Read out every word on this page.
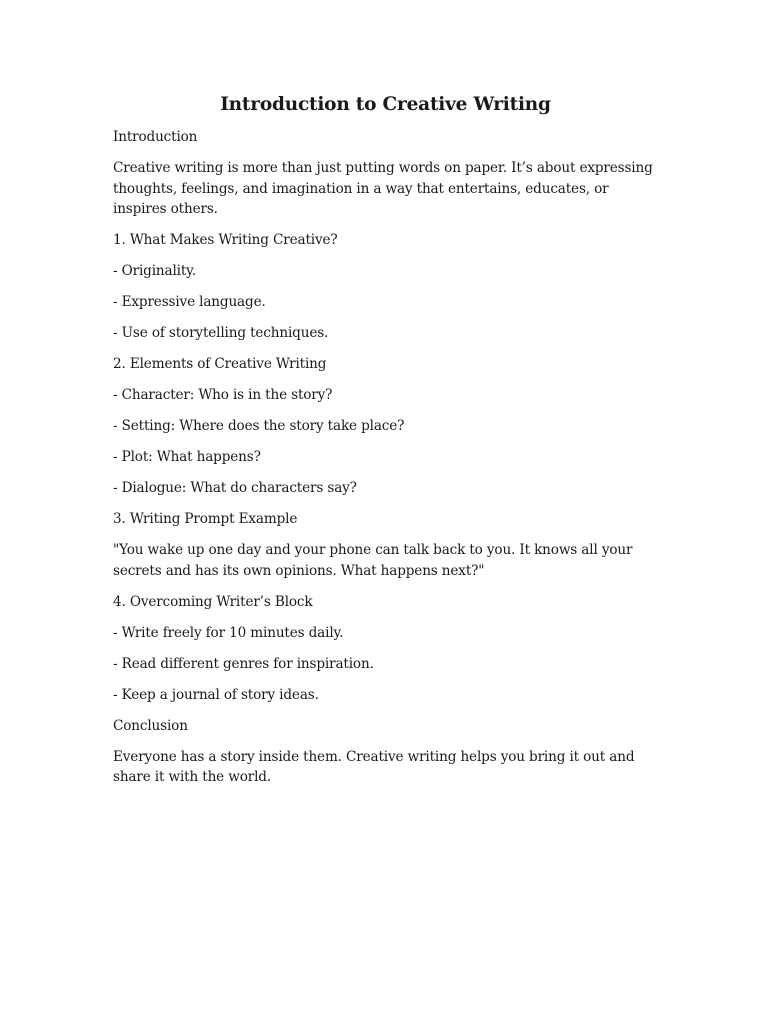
Introduction to Creative Writing

Introduction

Creative writing is more than just putting words on paper. It’s about expressing thoughts, feelings, and imagination in a way that entertains, educates, or inspires others.

1. What Makes Writing Creative?

- Originality.

- Expressive language.

- Use of storytelling techniques.

2. Elements of Creative Writing

- Character: Who is in the story?

- Setting: Where does the story take place?

- Plot: What happens?

- Dialogue: What do characters say?

3. Writing Prompt Example

"You wake up one day and your phone can talk back to you. It knows all your secrets and has its own opinions. What happens next?"

4. Overcoming Writer’s Block

- Write freely for 10 minutes daily.

- Read different genres for inspiration.

- Keep a journal of story ideas.

Conclusion

Everyone has a story inside them. Creative writing helps you bring it out and share it with the world.
